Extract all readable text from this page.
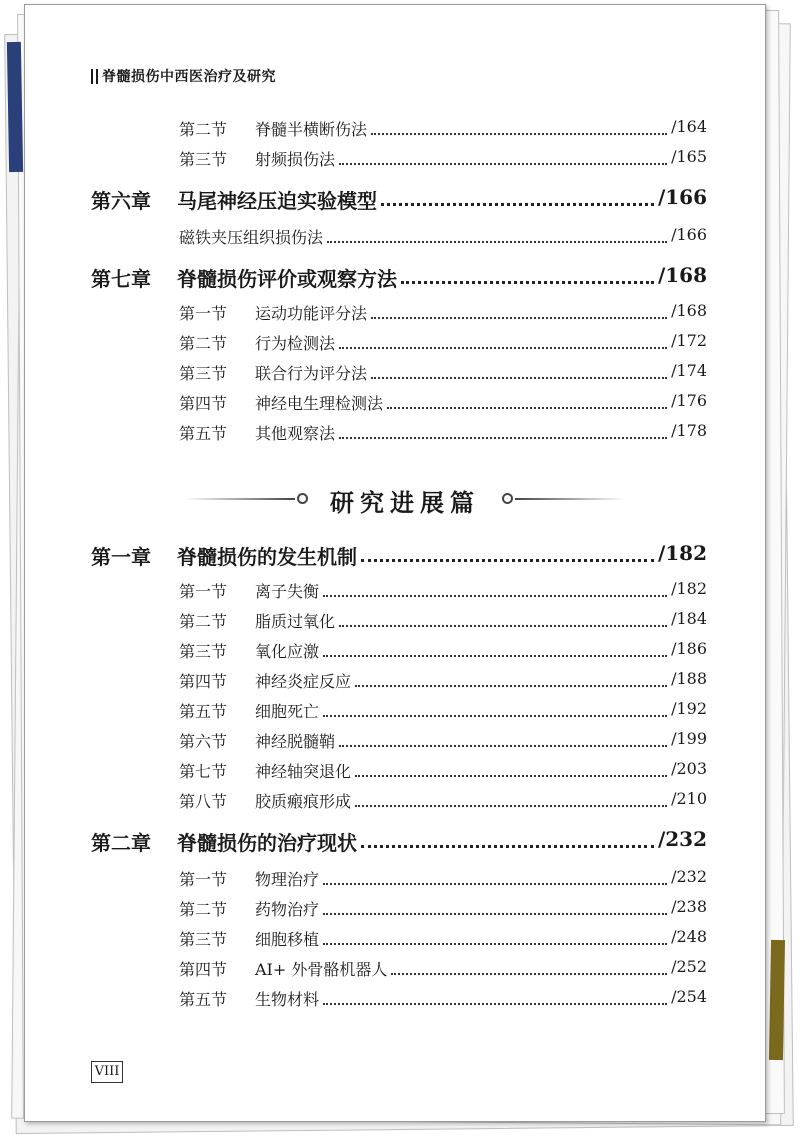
脊髓损伤中西医治疗及研究
第二节 脊髓半横断伤法	/164
第三节 射频损伤法	/165
第六章 马尾神经压迫实验模型	/166
磁铁夹压组织损伤法	/166
第七章 脊髓损伤评价或观察方法	/168
第一节 运动功能评分法	/168
第二节 行为检测法	/172
第三节 联合行为评分法	/174
第四节 神经电生理检测法	/176
第五节 其他观察法	/178
第一章 脊髓损伤的发生机制	/182
第一节 离子失衡	/182
第二节 脂质过氧化	/184
第三节 氧化应激	/186
第四节 神经炎症反应	/188
第五节 细胞死亡	/192
第六节 神经脱髓鞘	/199
第七节 神经轴突退化	/203
第八节 胶质瘢痕形成	/210
第二章 脊髓损伤的治疗现状	/232
第一节 物理治疗	/232
第二节 药物治疗	/238
第三节 细胞移植	/248
第四节 AI+ 外骨骼机器人	/252
第五节 生物材料	/254
研究进展篇
VIII
